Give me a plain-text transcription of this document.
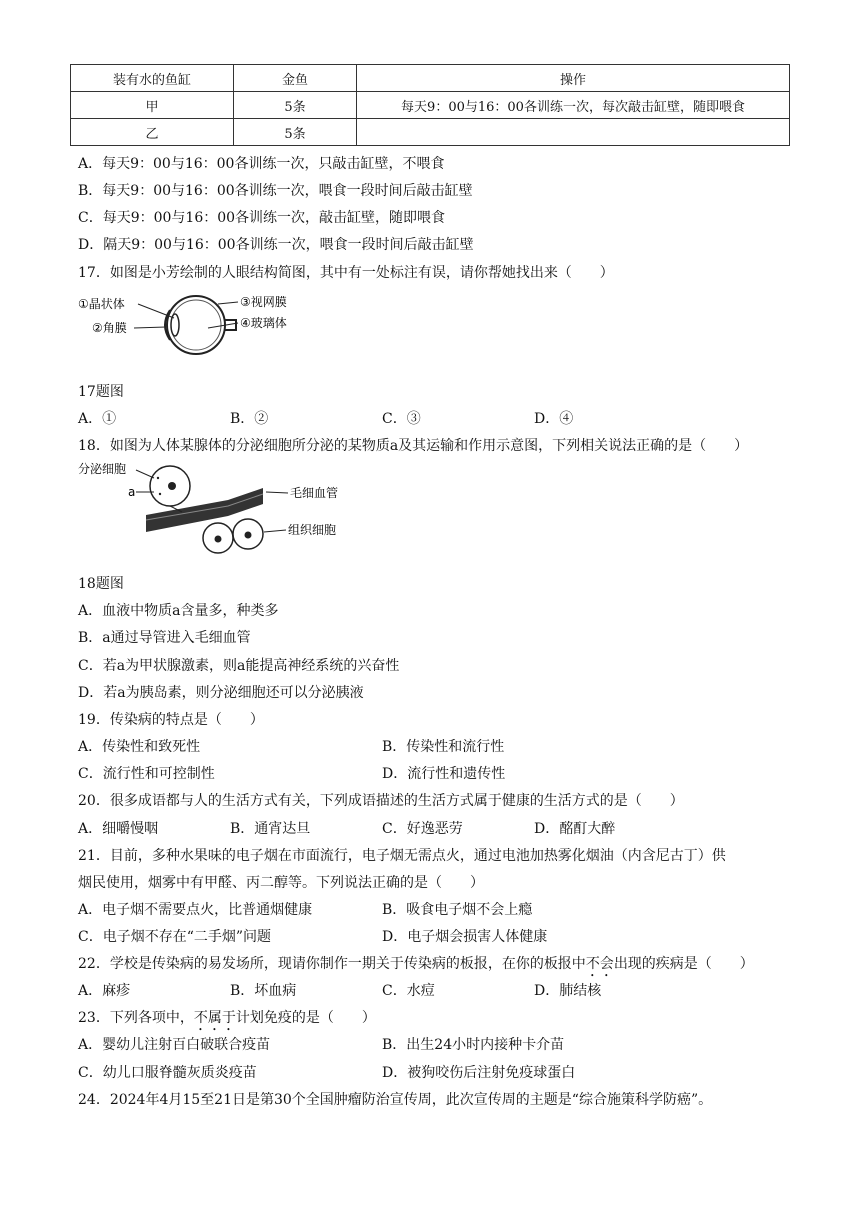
装有水的鱼缸	金鱼	操作
甲	5条	每天9：00与16：00各训练一次，每次敲击缸壁，随即喂食
乙	5条	
A．每天9：00与16：00各训练一次，只敲击缸壁，不喂食
B．每天9：00与16：00各训练一次，喂食一段时间后敲击缸壁
C．每天9：00与16：00各训练一次，敲击缸壁，随即喂食
D．隔天9：00与16：00各训练一次，喂食一段时间后敲击缸壁
17．如图是小芳绘制的人眼结构简图，其中有一处标注有误，请你帮她找出来（　　）
①晶状体
②角膜
③视网膜
④玻璃体
17题图
A．①	B．②	C．③	D．④
18．如图为人体某腺体的分泌细胞所分泌的某物质a及其运输和作用示意图，下列相关说法正确的是（　　）
分泌细胞
a	毛细血管
组织细胞
18题图
A．血液中物质a含量多，种类多
B．a通过导管进入毛细血管
C．若a为甲状腺激素，则a能提高神经系统的兴奋性
D．若a为胰岛素，则分泌细胞还可以分泌胰液
19．传染病的特点是（　　）
A．传染性和致死性	B．传染性和流行性
C．流行性和可控制性	D．流行性和遗传性
20．很多成语都与人的生活方式有关，下列成语描述的生活方式属于健康的生活方式的是（　　）
A．细嚼慢咽	B．通宵达旦	C．好逸恶劳	D．酩酊大醉
21．目前，多种水果味的电子烟在市面流行，电子烟无需点火，通过电池加热雾化烟油（内含尼古丁）供
烟民使用，烟雾中有甲醛、丙二醇等。下列说法正确的是（　　）
A．电子烟不需要点火，比普通烟健康	B．吸食电子烟不会上瘾
C．电子烟不存在“二手烟”问题	D．电子烟会损害人体健康
22．学校是传染病的易发场所，现请你制作一期关于传染病的板报，在你的板报中不会出现的疾病是（　　）
A．麻疹	B．坏血病	C．水痘	D．肺结核
23．下列各项中，不属于计划免疫的是（　　）
A．婴幼儿注射百白破联合疫苗	B．出生24小时内接种卡介苗
C．幼儿口服脊髓灰质炎疫苗	D．被狗咬伤后注射免疫球蛋白
24．2024年4月15至21日是第30个全国肿瘤防治宣传周，此次宣传周的主题是“综合施策科学防癌”。
